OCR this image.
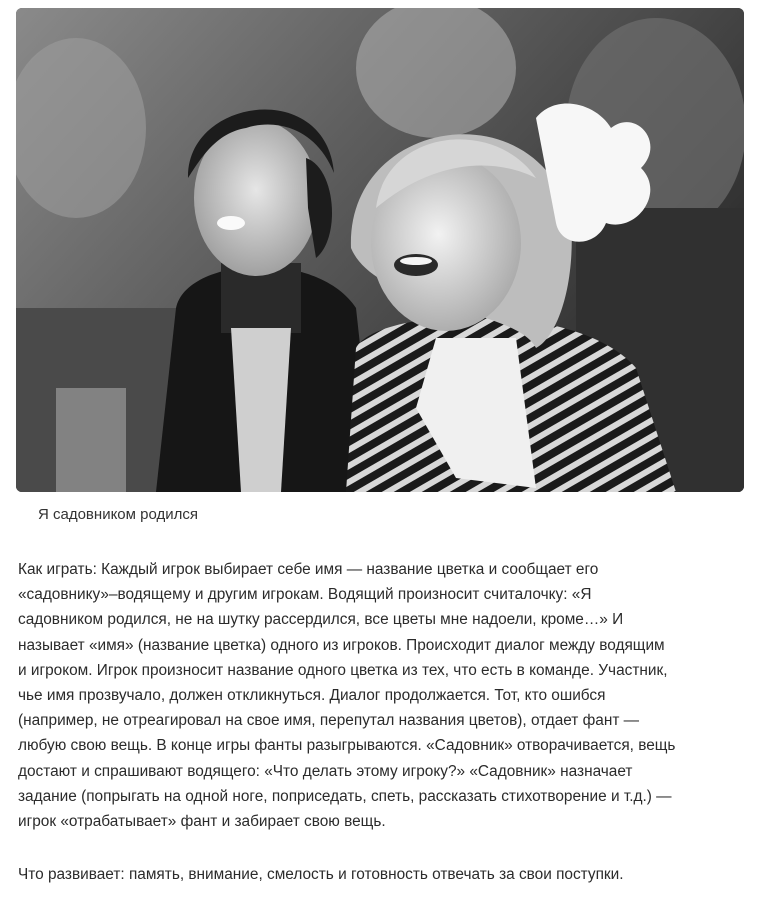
Я садовником родился

Как играть: Каждый игрок выбирает себе имя — название цветка и сообщает его
«садовнику»–водящему и другим игрокам. Водящий произносит считалочку: «Я
садовником родился, не на шутку рассердился, все цветы мне надоели, кроме…» И
называет «имя» (название цветка) одного из игроков. Происходит диалог между водящим
и игроком. Игрок произносит название одного цветка из тех, что есть в команде. Участник,
чье имя прозвучало, должен откликнуться. Диалог продолжается. Тот, кто ошибся
(например, не отреагировал на свое имя, перепутал названия цветов), отдает фант —
любую свою вещь. В конце игры фанты разыгрываются. «Садовник» отворачивается, вещь
достают и спрашивают водящего: «Что делать этому игроку?» «Садовник» назначает
задание (попрыгать на одной ноге, поприседать, спеть, рассказать стихотворение и т.д.) —
игрок «отрабатывает» фант и забирает свою вещь.

Что развивает: память, внимание, смелость и готовность отвечать за свои поступки.
